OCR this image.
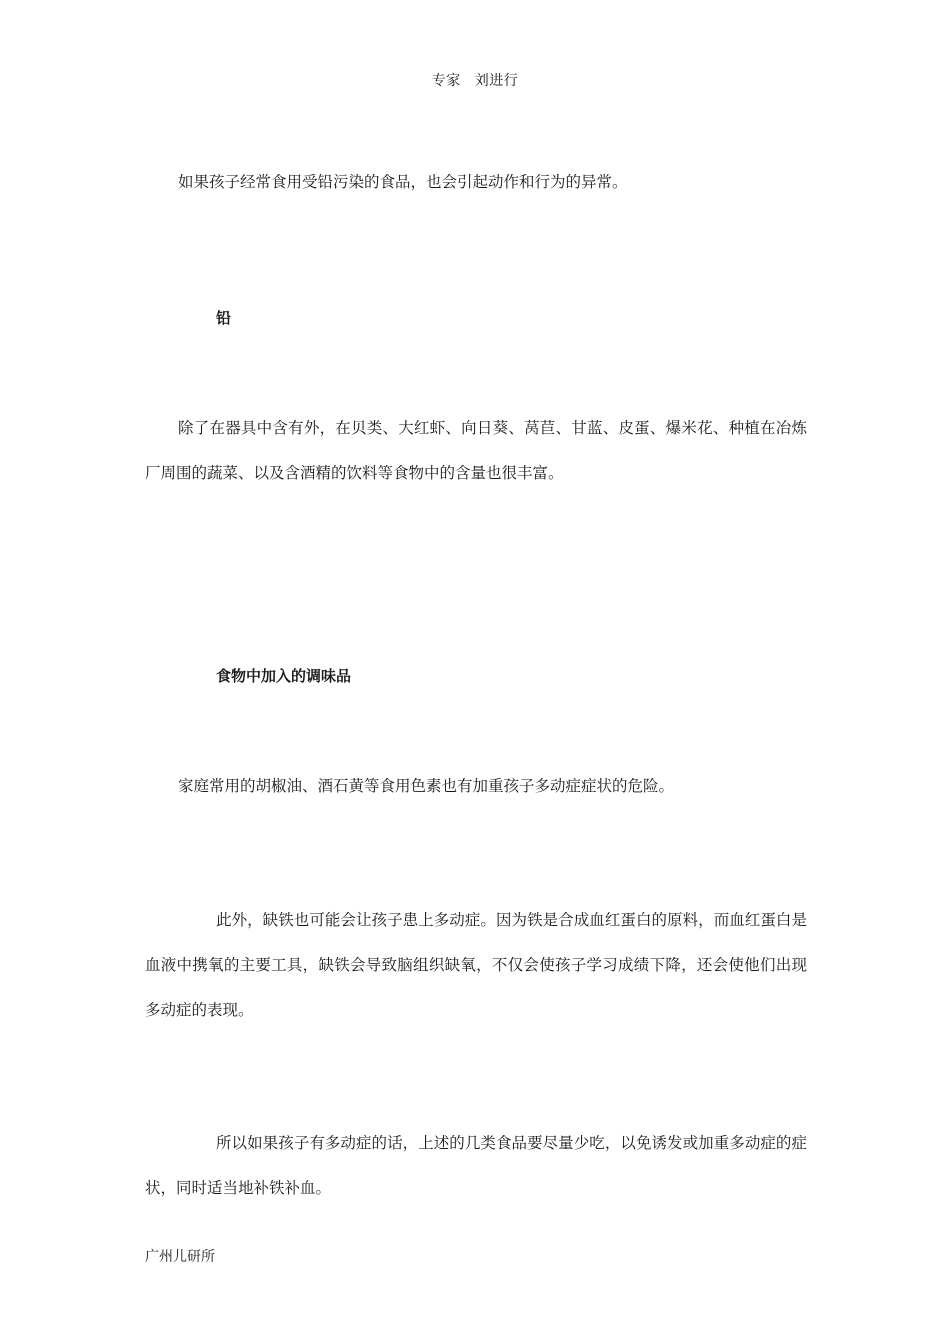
专家 刘进行

如果孩子经常食用受铅污染的食品，也会引起动作和行为的异常。

铅

除了在器具中含有外，在贝类、大红虾、向日葵、莴苣、甘蓝、皮蛋、爆米花、种植在冶炼厂周围的蔬菜、以及含酒精的饮料等食物中的含量也很丰富。

食物中加入的调味品

家庭常用的胡椒油、酒石黄等食用色素也有加重孩子多动症症状的危险。

此外，缺铁也可能会让孩子患上多动症。因为铁是合成血红蛋白的原料，而血红蛋白是血液中携氧的主要工具，缺铁会导致脑组织缺氧，不仅会使孩子学习成绩下降，还会使他们出现多动症的表现。

所以如果孩子有多动症的话，上述的几类食品要尽量少吃，以免诱发或加重多动症的症状，同时适当地补铁补血。

广州儿研所
